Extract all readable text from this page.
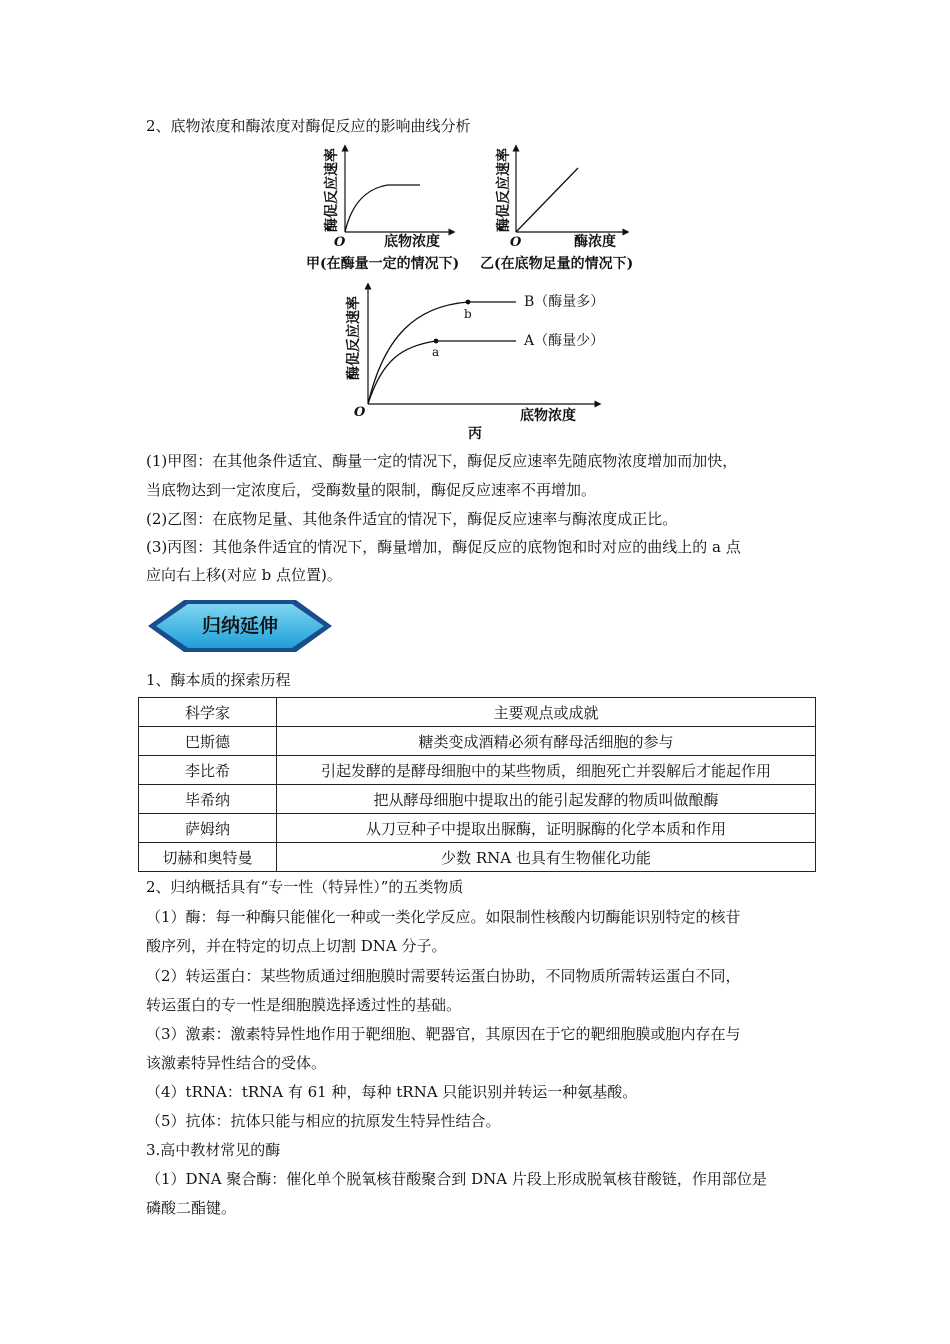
2、底物浓度和酶浓度对酶促反应的影响曲线分析
酶促反应速率
O	底物浓度
甲(在酶量一定的情况下)
酶促反应速率
O	酶浓度
乙(在底物足量的情况下)
b
a
B（酶量多）
A（酶量少）
酶促反应速率
O	底物浓度
丙
(1)甲图：在其他条件适宜、酶量一定的情况下，酶促反应速率先随底物浓度增加而加快，
当底物达到一定浓度后，受酶数量的限制，酶促反应速率不再增加。
(2)乙图：在底物足量、其他条件适宜的情况下，酶促反应速率与酶浓度成正比。
(3)丙图：其他条件适宜的情况下，酶量增加，酶促反应的底物饱和时对应的曲线上的 a 点
应向右上移(对应 b 点位置)。
归纳延伸
1、酶本质的探索历程
科学家	主要观点或成就
巴斯德	糖类变成酒精必须有酵母活细胞的参与
李比希	引起发酵的是酵母细胞中的某些物质，细胞死亡并裂解后才能起作用
毕希纳	把从酵母细胞中提取出的能引起发酵的物质叫做酿酶
萨姆纳	从刀豆种子中提取出脲酶，证明脲酶的化学本质和作用
切赫和奥特曼	少数 RNA 也具有生物催化功能
2、归纳概括具有“专一性（特异性）”的五类物质
（1）酶：每一种酶只能催化一种或一类化学反应。如限制性核酸内切酶能识别特定的核苷
酸序列，并在特定的切点上切割 DNA 分子。
（2）转运蛋白：某些物质通过细胞膜时需要转运蛋白协助，不同物质所需转运蛋白不同，
转运蛋白的专一性是细胞膜选择透过性的基础。
（3）激素：激素特异性地作用于靶细胞、靶器官，其原因在于它的靶细胞膜或胞内存在与
该激素特异性结合的受体。
（4）tRNA：tRNA 有 61 种，每种 tRNA 只能识别并转运一种氨基酸。
（5）抗体：抗体只能与相应的抗原发生特异性结合。
3.高中教材常见的酶
（1）DNA 聚合酶：催化单个脱氧核苷酸聚合到 DNA 片段上形成脱氧核苷酸链，作用部位是
磷酸二酯键。
